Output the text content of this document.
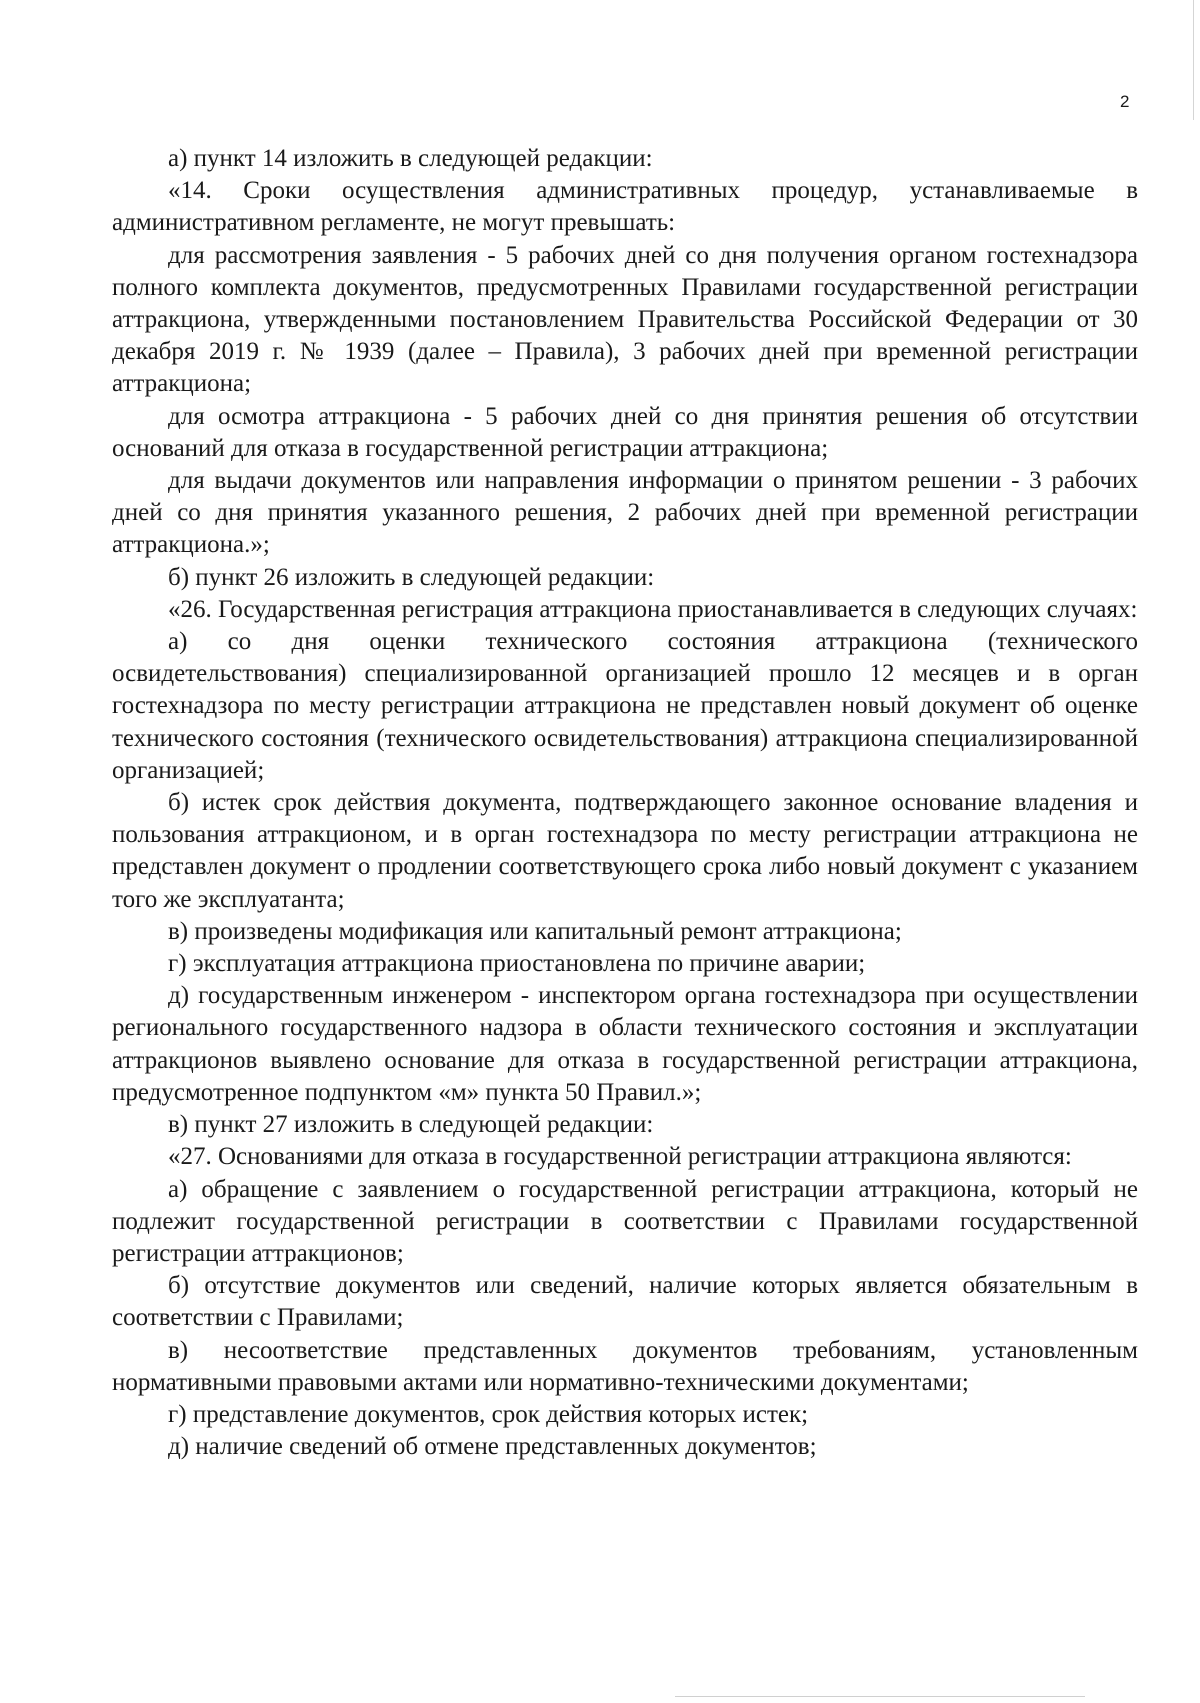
2

а) пункт 14 изложить в следующей редакции:

«14. Сроки осуществления административных процедур, устанавливаемые в административном регламенте, не могут превышать:

для рассмотрения заявления - 5 рабочих дней со дня получения органом гостехнадзора полного комплекта документов, предусмотренных Правилами государственной регистрации аттракциона, утвержденными постановлением Правительства Российской Федерации от 30 декабря 2019 г. № 1939 (далее – Правила), 3 рабочих дней при временной регистрации аттракциона;

для осмотра аттракциона - 5 рабочих дней со дня принятия решения об отсутствии оснований для отказа в государственной регистрации аттракциона;

для выдачи документов или направления информации о принятом решении - 3 рабочих дней со дня принятия указанного решения, 2 рабочих дней при временной регистрации аттракциона.»;

б) пункт 26 изложить в следующей редакции:

«26. Государственная регистрация аттракциона приостанавливается в следующих случаях:

а) со дня оценки технического состояния аттракциона (технического освидетельствования) специализированной организацией прошло 12 месяцев и в орган гостехнадзора по месту регистрации аттракциона не представлен новый документ об оценке технического состояния (технического освидетельствования) аттракциона специализированной организацией;

б) истек срок действия документа, подтверждающего законное основание владения и пользования аттракционом, и в орган гостехнадзора по месту регистрации аттракциона не представлен документ о продлении соответствующего срока либо новый документ с указанием того же эксплуатанта;

в) произведены модификация или капитальный ремонт аттракциона;

г) эксплуатация аттракциона приостановлена по причине аварии;

д) государственным инженером - инспектором органа гостехнадзора при осуществлении регионального государственного надзора в области технического состояния и эксплуатации аттракционов выявлено основание для отказа в государственной регистрации аттракциона, предусмотренное подпунктом «м» пункта 50 Правил.»;

в) пункт 27 изложить в следующей редакции:

«27. Основаниями для отказа в государственной регистрации аттракциона являются:

а) обращение с заявлением о государственной регистрации аттракциона, который не подлежит государственной регистрации в соответствии с Правилами государственной регистрации аттракционов;

б) отсутствие документов или сведений, наличие которых является обязательным в соответствии с Правилами;

в) несоответствие представленных документов требованиям, установленным нормативными правовыми актами или нормативно-техническими документами;

г) представление документов, срок действия которых истек;

д) наличие сведений об отмене представленных документов;
